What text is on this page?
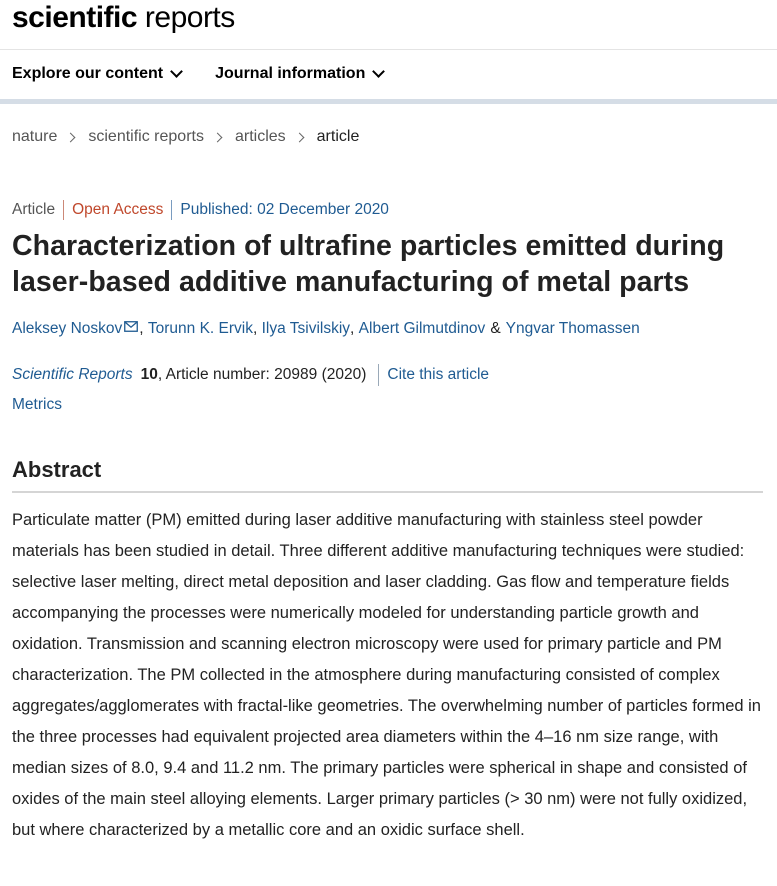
scientific reports
Explore our content	Journal information
nature scientific reports articles article
Article Open Access Published: 02 December 2020
Characterization of ultrafine particles emitted during laser-based additive manufacturing of metal parts
Aleksey Noskov , Torunn K. Ervik , Ilya Tsivilskiy , Albert Gilmutdinov & Yngvar Thomassen
Scientific Reports 10 , Article number: 20989 (2020) Cite this article
Metrics
Abstract

Particulate matter (PM) emitted during laser additive manufacturing with stainless steel powder materials has been studied in detail. Three different additive manufacturing techniques were studied: selective laser melting, direct metal deposition and laser cladding. Gas flow and temperature fields accompanying the processes were numerically modeled for understanding particle growth and oxidation. Transmission and scanning electron microscopy were used for primary particle and PM characterization. The PM collected in the atmosphere during manufacturing consisted of complex aggregates/agglomerates with fractal-like geometries. The overwhelming number of particles formed in the three processes had equivalent projected area diameters within the 4–16 nm size range, with median sizes of 8.0, 9.4 and 11.2 nm. The primary particles were spherical in shape and consisted of oxides of the main steel alloying elements. Larger primary particles (> 30 nm) were not fully oxidized, but where characterized by a metallic core and an oxidic surface shell.
